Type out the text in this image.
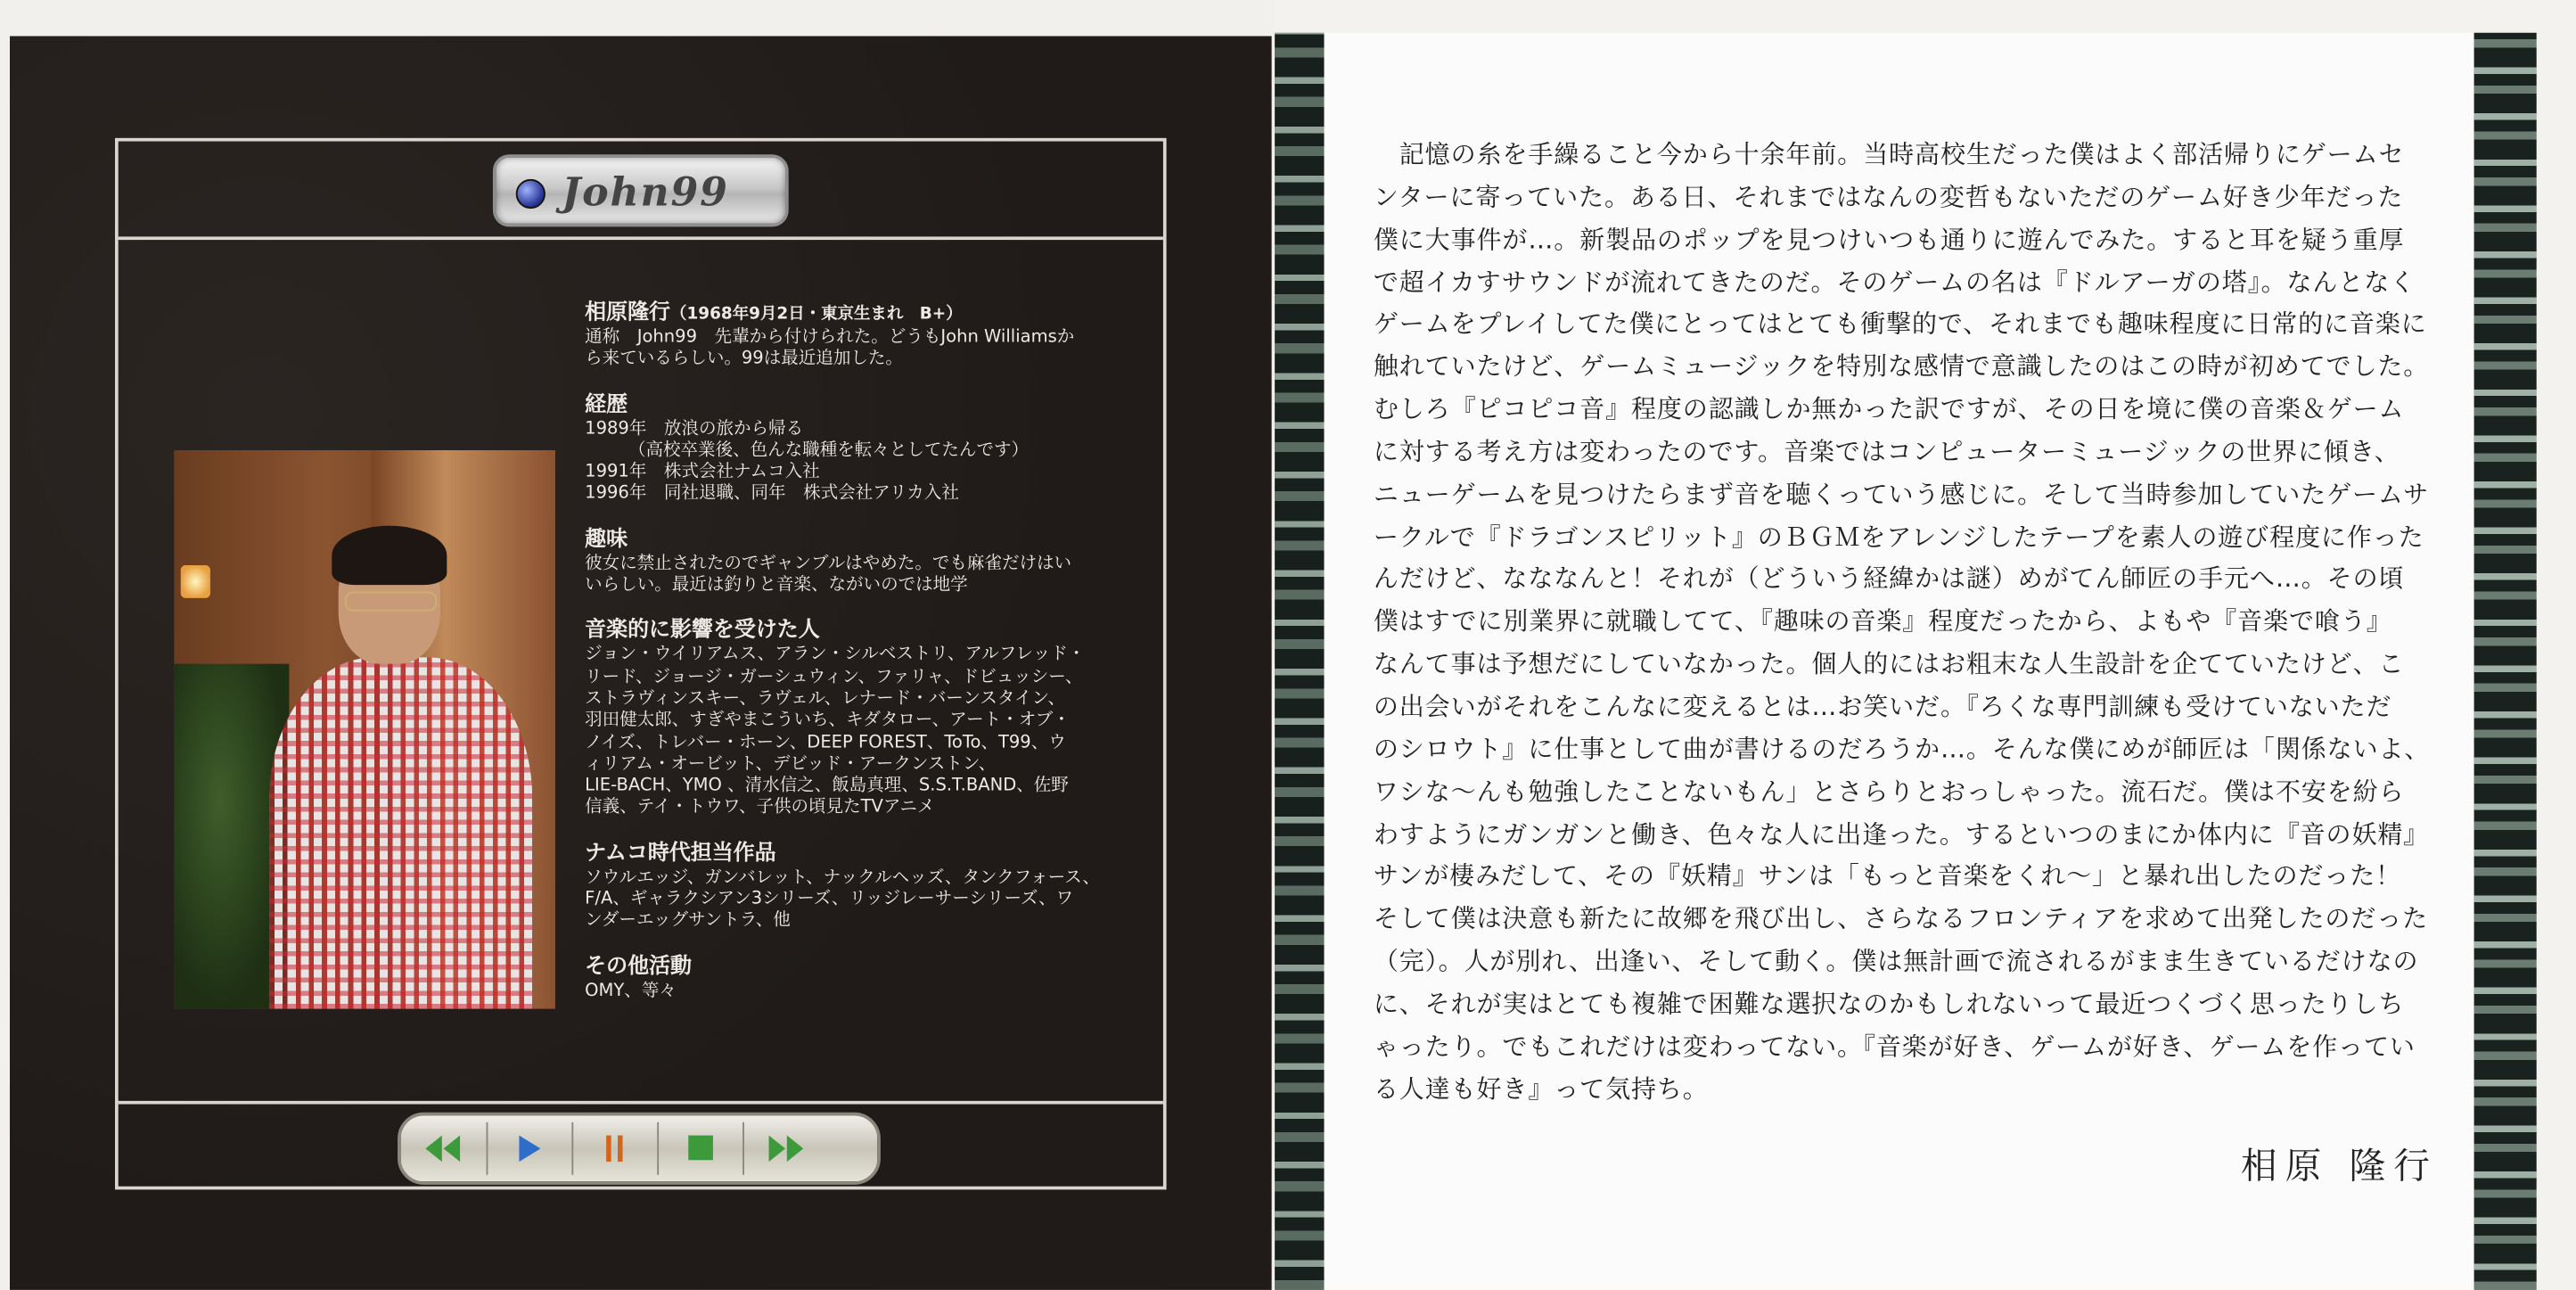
John99
相原隆行（1968年9月2日・東京生まれ　B+）
通称　John99　先輩から付けられた。どうもJohn Williamsか
ら来ているらしい。99は最近追加した。
経歴
1989年　放浪の旅から帰る
　　　（高校卒業後、色んな職種を転々としてたんです）
1991年　株式会社ナムコ入社
1996年　同社退職、同年　株式会社アリカ入社
趣味
彼女に禁止されたのでギャンブルはやめた。でも麻雀だけはい
いらしい。最近は釣りと音楽、ながいのでは地学
音楽的に影響を受けた人
ジョン・ウイリアムス、アラン・シルベストリ、アルフレッド・
リード、ジョージ・ガーシュウィン、ファリャ、ドビュッシー、
ストラヴィンスキー、ラヴェル、レナード・バーンスタイン、
羽田健太郎、すぎやまこういち、キダタロー、アート・オブ・
ノイズ、トレバー・ホーン、DEEP FOREST、ToTo、T99、ウ
ィリアム・オービット、デビッド・アークンストン、
LIE-BACH、YMO 、清水信之、飯島真理、S.S.T.BAND、佐野
信義、テイ・トウワ、子供の頃見たTVアニメ
ナムコ時代担当作品
ソウルエッジ、ガンバレット、ナックルヘッズ、タンクフォース、
F/A、ギャラクシアン3シリーズ、リッジレーサーシリーズ、ワ
ンダーエッグサントラ、他
その他活動
OMY、等々
　記憶の糸を手繰ること今から十余年前。当時高校生だった僕はよく部活帰りにゲームセ
ンターに寄っていた。ある日、それまではなんの変哲もないただのゲーム好き少年だった
僕に大事件が…。新製品のポップを見つけいつも通りに遊んでみた。すると耳を疑う重厚
で超イカすサウンドが流れてきたのだ。そのゲームの名は『ドルアーガの塔』。なんとなく
ゲームをプレイしてた僕にとってはとても衝撃的で、それまでも趣味程度に日常的に音楽に
触れていたけど、ゲームミュージックを特別な感情で意識したのはこの時が初めてでした。
むしろ『ピコピコ音』程度の認識しか無かった訳ですが、その日を境に僕の音楽＆ゲーム
に対する考え方は変わったのです。音楽ではコンピューターミュージックの世界に傾き、
ニューゲームを見つけたらまず音を聴くっていう感じに。そして当時参加していたゲームサ
ークルで『ドラゴンスピリット』のＢＧＭをアレンジしたテープを素人の遊び程度に作った
んだけど、なななんと！それが（どういう経緯かは謎）めがてん師匠の手元へ…。その頃
僕はすでに別業界に就職してて、『趣味の音楽』程度だったから、よもや『音楽で喰う』
なんて事は予想だにしていなかった。個人的にはお粗末な人生設計を企てていたけど、こ
の出会いがそれをこんなに変えるとは…お笑いだ。『ろくな専門訓練も受けていないただ
のシロウト』に仕事として曲が書けるのだろうか…。そんな僕にめが師匠は「関係ないよ、
ワシな〜んも勉強したことないもん」とさらりとおっしゃった。流石だ。僕は不安を紛ら
わすようにガンガンと働き、色々な人に出逢った。するといつのまにか体内に『音の妖精』
サンが棲みだして、その『妖精』サンは「もっと音楽をくれ〜」と暴れ出したのだった！
そして僕は決意も新たに故郷を飛び出し、さらなるフロンティアを求めて出発したのだった
（完）。人が別れ、出逢い、そして動く。僕は無計画で流されるがまま生きているだけなの
に、それが実はとても複雑で困難な選択なのかもしれないって最近つくづく思ったりしち
ゃったり。でもこれだけは変わってない。『音楽が好き、ゲームが好き、ゲームを作ってい
る人達も好き』って気持ち。
相原 隆行
